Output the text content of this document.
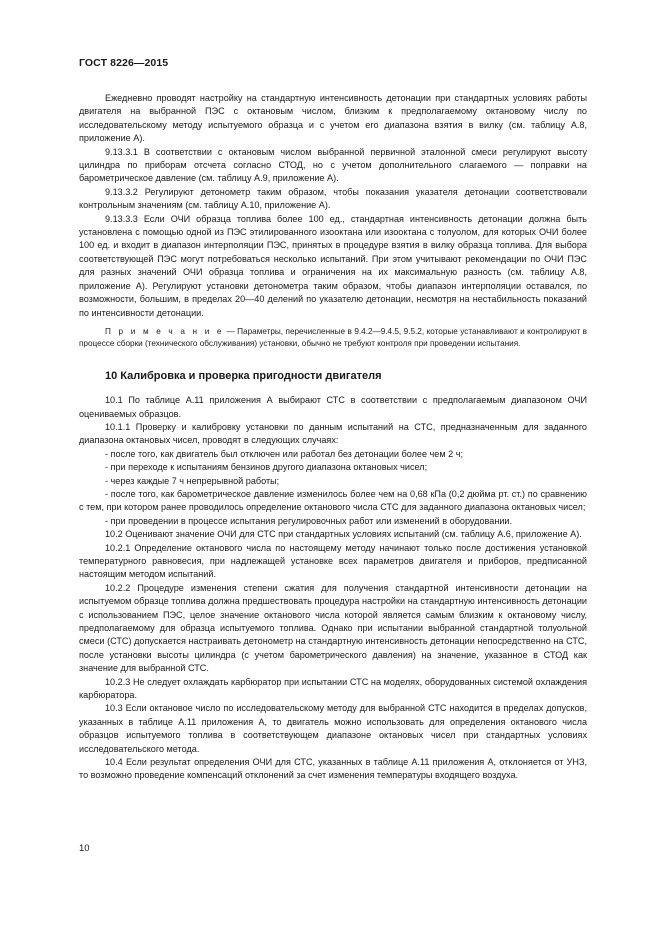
ГОСТ 8226—2015

Ежедневно проводят настройку на стандартную интенсивность детонации при стандартных условиях работы двигателя на выбранной ПЭС с октановым числом, близким к предполагаемому октановому числу по исследовательскому методу испытуемого образца и с учетом его диапазона взятия в вилку (см. таблицу А.8, приложение А).

9.13.3.1 В соответствии с октановым числом выбранной первичной эталонной смеси регулируют высоту цилиндра по приборам отсчета согласно СТОД, но с учетом дополнительного слагаемого — поправки на барометрическое давление (см. таблицу А.9, приложение А).

9.13.3.2 Регулируют детонометр таким образом, чтобы показания указателя детонации соответствовали контрольным значениям (см. таблицу А.10, приложение А).

9.13.3.3 Если ОЧИ образца топлива более 100 ед., стандартная интенсивность детонации должна быть установлена с помощью одной из ПЭС этилированного изооктана или изооктана с толуолом, для которых ОЧИ более 100 ед. и входит в диапазон интерполяции ПЭС, принятых в процедуре взятия в вилку образца топлива. Для выбора соответствующей ПЭС могут потребоваться несколько испытаний. При этом учитывают рекомендации по ОЧИ ПЭС для разных значений ОЧИ образца топлива и ограничения на их максимальную разность (см. таблицу А.8, приложение А). Регулируют установки детонометра таким образом, чтобы диапазон интерполяции оставался, по возможности, большим, в пределах 20—40 делений по указателю детонации, несмотря на нестабильность показаний по интенсивности детонации.

П р и м е ч а н и е — Параметры, перечисленные в 9.4.2—9.4.5, 9.5.2, которые устанавливают и контролируют в процессе сборки (технического обслуживания) установки, обычно не требуют контроля при проведении испытания.

10 Калибровка и проверка пригодности двигателя

10.1 По таблице А.11 приложения А выбирают СТС в соответствии с предполагаемым диапазоном ОЧИ оцениваемых образцов.

10.1.1 Проверку и калибровку установки по данным испытаний на СТС, предназначенным для заданного диапазона октановых чисел, проводят в следующих случаях:

- после того, как двигатель был отключен или работал без детонации более чем 2 ч;

- при переходе к испытаниям бензинов другого диапазона октановых чисел;

- через каждые 7 ч непрерывной работы;

- после того, как барометрическое давление изменилось более чем на 0,68 кПа (0,2 дюйма рт. ст.) по сравнению с тем, при котором ранее проводилось определение октанового числа СТС для заданного диапазона октановых чисел;

- при проведении в процессе испытания регулировочных работ или изменений в оборудовании.

10.2 Оценивают значение ОЧИ для СТС при стандартных условиях испытаний (см. таблицу А.6, приложение А).

10.2.1 Определение октанового числа по настоящему методу начинают только после достижения установкой температурного равновесия, при надлежащей установке всех параметров двигателя и приборов, предписанной настоящим методом испытаний.

10.2.2 Процедуре изменения степени сжатия для получения стандартной интенсивности детонации на испытуемом образце топлива должна предшествовать процедура настройки на стандартную интенсивность детонации с использованием ПЭС, целое значение октанового числа которой является самым близким к октановому числу, предполагаемому для образца испытуемого топлива. Однако при испытании выбранной стандартной толуольной смеси (СТС) допускается настраивать детонометр на стандартную интенсивность детонации непосредственно на СТС, после установки высоты цилиндра (с учетом барометрического давления) на значение, указанное в СТОД как значение для выбранной СТС.

10.2.3 Не следует охлаждать карбюратор при испытании СТС на моделях, оборудованных системой охлаждения карбюратора.

10.3 Если октановое число по исследовательскому методу для выбранной СТС находится в пределах допусков, указанных в таблице А.11 приложения А, то двигатель можно использовать для определения октанового числа образцов испытуемого топлива в соответствующем диапазоне октановых чисел при стандартных условиях исследовательского метода.

10.4 Если результат определения ОЧИ для СТС, указанных в таблице А.11 приложения А, отклоняется от УНЗ, то возможно проведение компенсаций отклонений за счет изменения температуры входящего воздуха.

10
